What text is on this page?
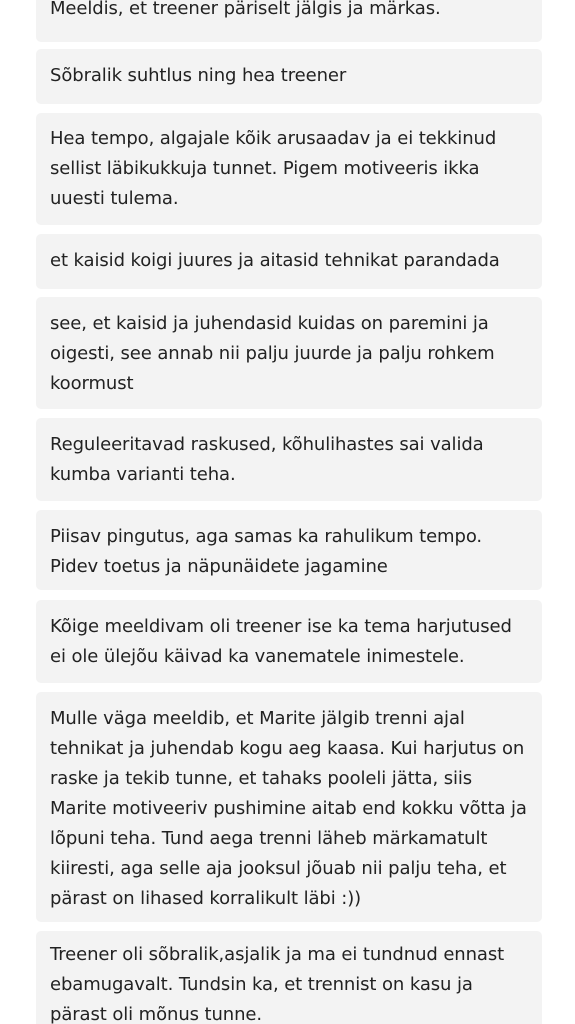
Meeldis, et treener päriselt jälgis ja märkas.
Sõbralik suhtlus ning hea treener
Hea tempo, algajale kõik arusaadav ja ei tekkinud sellist läbikukkuja tunnet. Pigem motiveeris ikka uuesti tulema.
et kaisid koigi juures ja aitasid tehnikat parandada
see, et kaisid ja juhendasid kuidas on paremini ja oigesti, see annab nii palju juurde ja palju rohkem koormust
Reguleeritavad raskused, kõhulihastes sai valida kumba varianti teha.
Piisav pingutus, aga samas ka rahulikum tempo. Pidev toetus ja näpunäidete jagamine
Kõige meeldivam oli treener ise ka tema harjutused ei ole ülejõu käivad ka vanematele inimestele.
Mulle väga meeldib, et Marite jälgib trenni ajal tehnikat ja juhendab kogu aeg kaasa. Kui harjutus on raske ja tekib tunne, et tahaks pooleli jätta, siis Marite motiveeriv pushimine aitab end kokku võtta ja lõpuni teha. Tund aega trenni läheb märkamatult kiiresti, aga selle aja jooksul jõuab nii palju teha, et pärast on lihased korralikult läbi :))
Treener oli sõbralik,asjalik ja ma ei tundnud ennast ebamugavalt. Tundsin ka, et trennist on kasu ja pärast oli mõnus tunne.
